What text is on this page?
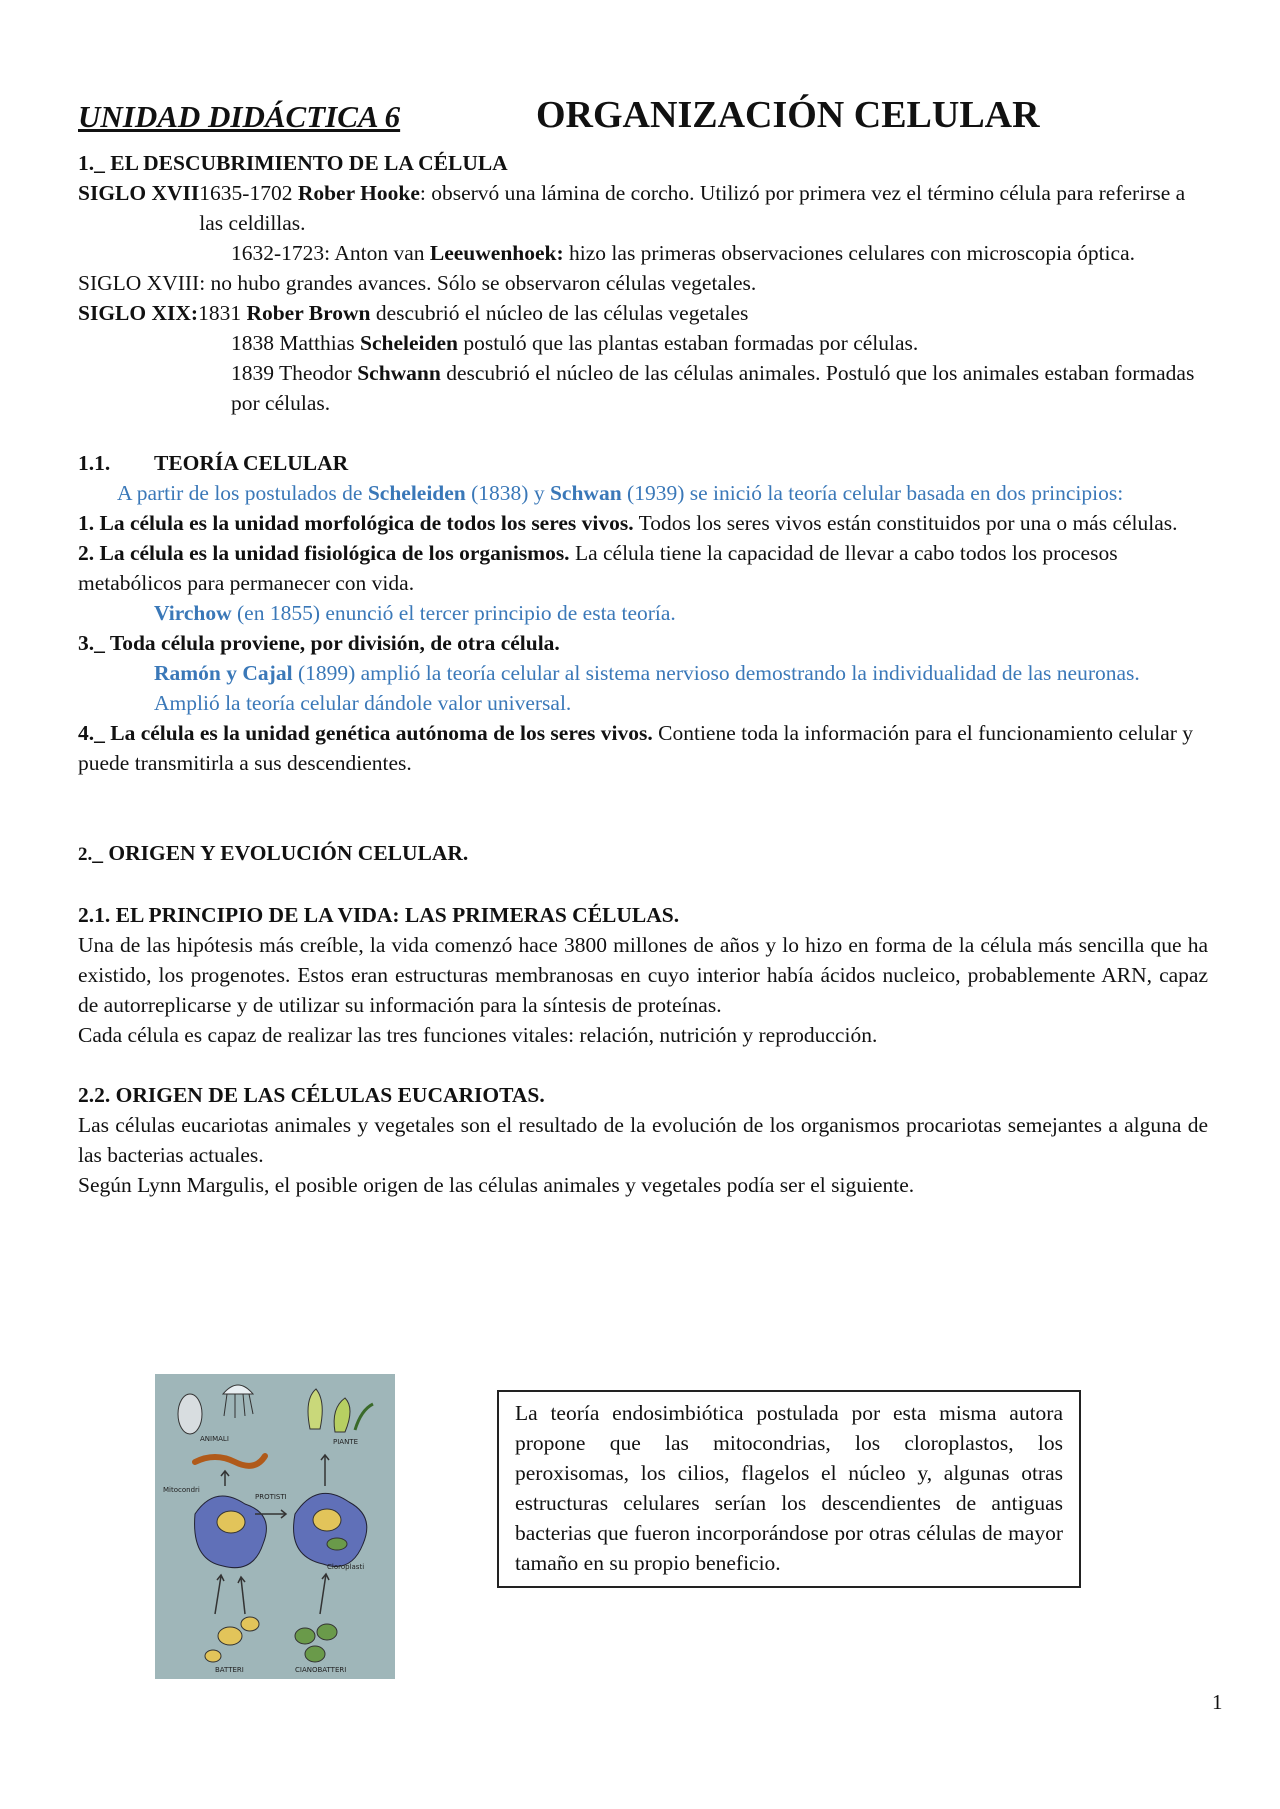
UNIDAD DIDÁCTICA 6	ORGANIZACIÓN CELULAR

1._ EL DESCUBRIMIENTO DE LA CÉLULA

SIGLO XVII 1635-1702 Rober Hooke: observó una lámina de corcho. Utilizó por primera vez el término célula para referirse a las celdillas.

1632-1723: Anton van Leeuwenhoek: hizo las primeras observaciones celulares con microscopia óptica.

SIGLO XVIII: no hubo grandes avances. Sólo se observaron células vegetales.

SIGLO XIX: 1831 Rober Brown descubrió el núcleo de las células vegetales

1838 Matthias Scheleiden postuló que las plantas estaban formadas por células.

1839 Theodor Schwann descubrió el núcleo de las células animales. Postuló que los animales estaban formadas por células.

1.1.	TEORÍA CELULAR

A partir de los postulados de Scheleiden (1838) y Schwan (1939) se inició la teoría celular basada en dos principios:

1. La célula es la unidad morfológica de todos los seres vivos. Todos los seres vivos están constituidos por una o más células.

2. La célula es la unidad fisiológica de los organismos. La célula tiene la capacidad de llevar a cabo todos los procesos metabólicos para permanecer con vida.

Virchow (en 1855) enunció el tercer principio de esta teoría.

3._ Toda célula proviene, por división, de otra célula.

Ramón y Cajal (1899) amplió la teoría celular al sistema nervioso demostrando la individualidad de las neuronas. Amplió la teoría celular dándole valor universal.

4._ La célula es la unidad genética autónoma de los seres vivos. Contiene toda la información para el funcionamiento celular y puede transmitirla a sus descendientes.

2._ ORIGEN Y EVOLUCIÓN CELULAR.

2.1. EL PRINCIPIO DE LA VIDA: LAS PRIMERAS CÉLULAS.

Una de las hipótesis más creíble, la vida comenzó hace 3800 millones de años y lo hizo en forma de la célula más sencilla que ha existido, los progenotes. Estos eran estructuras membranosas en cuyo interior había ácidos nucleico, probablemente ARN, capaz de autorreplicarse y de utilizar su información para la síntesis de proteínas.

Cada célula es capaz de realizar las tres funciones vitales: relación, nutrición y reproducción.

2.2. ORIGEN DE LAS CÉLULAS EUCARIOTAS.

Las células eucariotas animales y vegetales son el resultado de la evolución de los organismos procariotas semejantes a alguna de las bacterias actuales.

Según Lynn Margulis, el posible origen de las células animales y vegetales podía ser el siguiente.

ANIMALI	PIANTE
Mitocondri
PROTISTI
Cloroplasti
BATTERI	CIANOBATTERI
La teoría endosimbiótica postulada por esta misma autora propone que las mitocondrias, los cloroplastos, los peroxisomas, los cilios, flagelos el núcleo y, algunas otras estructuras celulares serían los descendientes de antiguas bacterias que fueron incorporándose por otras células de mayor tamaño en su propio beneficio.
1
